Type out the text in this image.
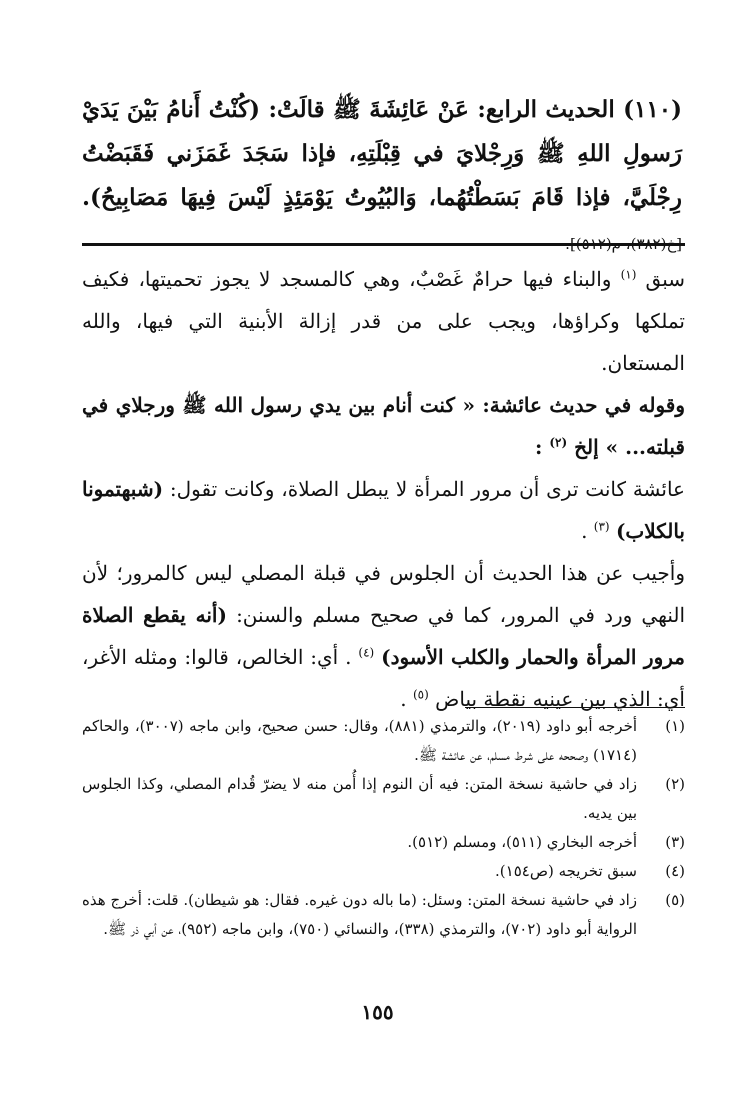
(١١٠) الحديث الرابع: عَنْ عَائِشَةَ ﷺ قالَتْ: (كُنْتُ أَنامُ بَيْنَ يَدَيْ رَسولِ اللهِ ﷺ وَرِجْلايَ في قِبْلَتِهِ، فإذا سَجَدَ غَمَزَني فَقَبَضْتُ رِجْلَيَّ، فإذا قَامَ بَسَطْتُهُما، وَالبُيُوتُ يَوْمَئِذٍ لَيْسَ فِيهَا مَصَابِيحُ). [خ(٣٨٢)، م(٥١٢)].

سبق $^{(١)}$ والبناء فيها حرامٌ غَصْبٌ، وهي كالمسجد لا يجوز تحميتها، فكيف تملكها وكراؤها، ويجب على من قدر إزالة الأبنية التي فيها، والله المستعان.

وقوله في حديث عائشة: « كنت أنام بين يدي رسول الله ﷺ ورجلاي في قبلته... » إلخ $^{(٢)}$ :

عائشة كانت ترى أن مرور المرأة لا يبطل الصلاة، وكانت تقول: (شبهتمونا بالكلاب) $^{(٣)}$ .

وأجيب عن هذا الحديث أن الجلوس في قبلة المصلي ليس كالمرور؛ لأن النهي ورد في المرور، كما في صحيح مسلم والسنن: (أنه يقطع الصلاة مرور المرأة والحمار والكلب الأسود) $^{(٤)}$ . أي: الخالص، قالوا: ومثله الأغر، أي: الذي بين عينيه نقطة بياض $^{(٥)}$ .

(١)
أخرجه أبو داود (٢٠١٩)، والترمذي (٨٨١)، وقال: حسن صحيح، وابن ماجه (٣٠٠٧)، والحاكم (١٧١٤) وصححه على شرط مسلم، عن عائشة ﷺ.
(٢)
زاد في حاشية نسخة المتن: فيه أن النوم إذا أُمن منه لا يضرّ قُدام المصلي، وكذا الجلوس بين يديه.
(٣)
أخرجه البخاري (٥١١)، ومسلم (٥١٢).
(٤)
سبق تخريجه (ص١٥٤).
(٥)
زاد في حاشية نسخة المتن: وسئل: (ما باله دون غيره. فقال: هو شيطان). قلت: أخرج هذه الرواية أبو داود (٧٠٢)، والترمذي (٣٣٨)، والنسائي (٧٥٠)، وابن ماجه (٩٥٢)، عن أبي ذر ﷺ.
١٥٥
